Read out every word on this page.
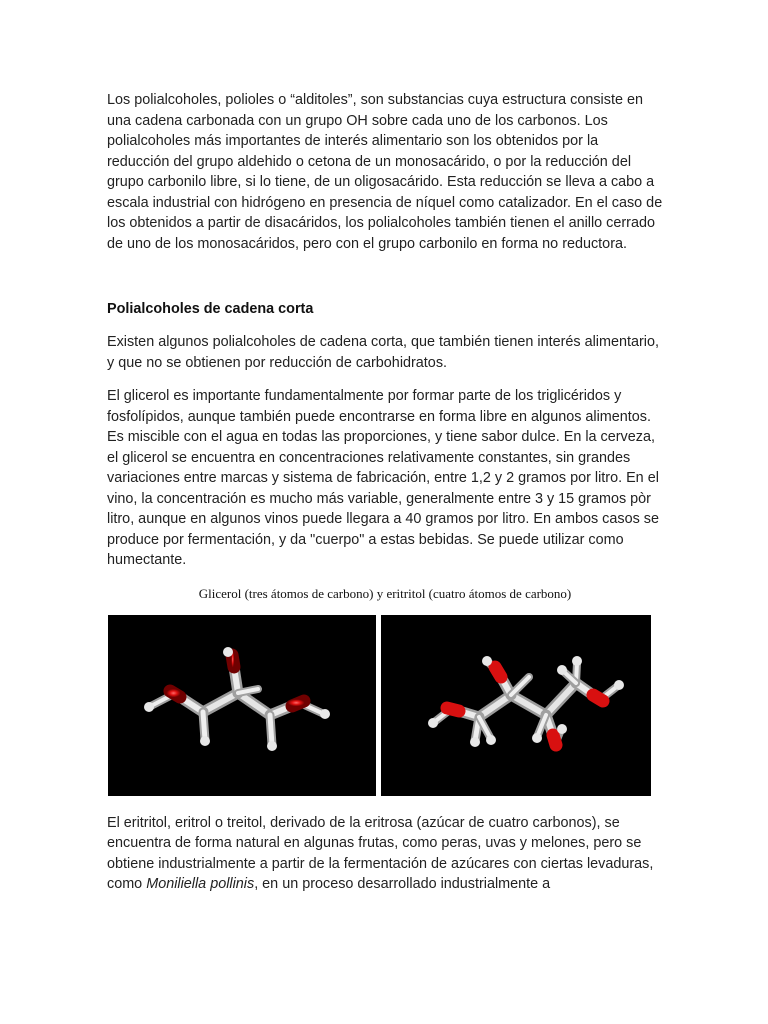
Los polialcoholes, polioles o “alditoles”, son substancias cuya estructura consiste en una cadena carbonada con un grupo OH sobre cada uno de los carbonos. Los polialcoholes más importantes de interés alimentario son los obtenidos por la reducción del grupo aldehido o cetona de un monosacárido, o por la reducción del grupo carbonilo libre, si lo tiene, de un oligosacárido. Esta reducción se lleva a cabo a escala industrial con hidrógeno en presencia de níquel como catalizador. En el caso de los obtenidos a partir de disacáridos, los polialcoholes también tienen el anillo cerrado de uno de los monosacáridos, pero con el grupo carbonilo en forma no reductora.

Polialcoholes de cadena corta

Existen algunos polialcoholes de cadena corta, que también tienen interés alimentario, y que no se obtienen por reducción de carbohidratos.

El glicerol es importante fundamentalmente por formar parte de los triglicéridos y fosfolípidos, aunque también puede encontrarse en forma libre en algunos alimentos. Es miscible con el agua en todas las proporciones, y tiene sabor dulce. En la cerveza, el glicerol se encuentra en concentraciones relativamente constantes, sin grandes variaciones entre marcas y sistema de fabricación, entre 1,2 y 2 gramos por litro. En el vino, la concentración es mucho más variable, generalmente entre 3 y 15 gramos pòr litro, aunque en algunos vinos puede llegara a 40 gramos por litro. En ambos casos se produce por fermentación, y da "cuerpo" a estas bebidas. Se puede utilizar como humectante.

Glicerol (tres átomos de carbono) y eritritol (cuatro átomos de carbono)

El eritritol, eritrol o treitol, derivado de la eritrosa (azúcar de cuatro carbonos), se encuentra de forma natural en algunas frutas, como peras, uvas y melones, pero se obtiene industrialmente a partir de la fermentación de azúcares con ciertas levaduras, como Moniliella pollinis, en un proceso desarrollado industrialmente a
